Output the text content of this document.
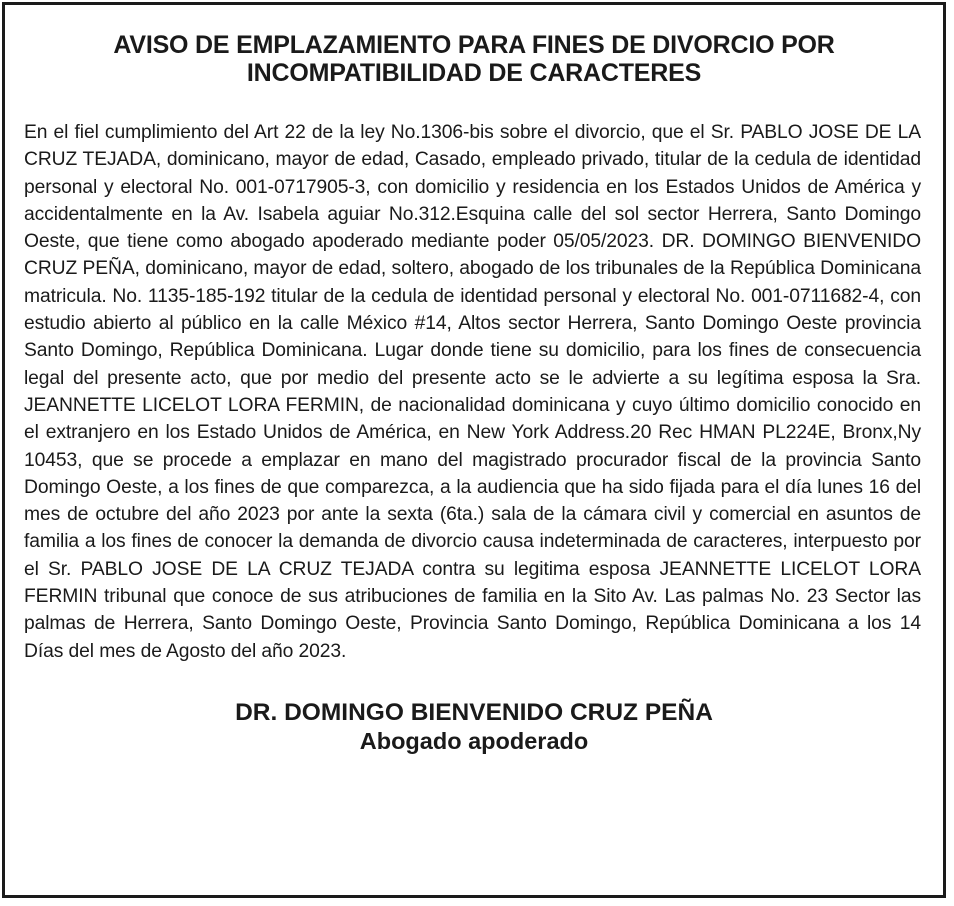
AVISO DE EMPLAZAMIENTO PARA FINES DE DIVORCIO POR
INCOMPATIBILIDAD DE CARACTERES
En el fiel cumplimiento del Art 22 de la ley No.1306-bis sobre el divorcio, que el Sr. PABLO JOSE DE LA CRUZ TEJADA, dominicano, mayor de edad, Casado, empleado privado, titular de la cedula de identidad personal y electoral No. 001-0717905-3, con domicilio y residencia en los Estados Unidos de América y accidentalmente en la Av. Isabela aguiar No.312.Esquina calle del sol sector Herrera, Santo Domingo Oeste, que tiene como abogado apoderado mediante poder 05/05/2023. DR. DOMINGO BIENVENIDO CRUZ PEÑA, dominicano, mayor de edad, soltero, abogado de los tribunales de la República Dominicana matricula. No. 1135-185-192 titular de la cedula de identidad personal y electoral No. 001-0711682-4, con estudio abierto al público en la calle México #14, Altos sector Herrera, Santo Domingo Oeste provincia Santo Domingo, República Dominicana. Lugar donde tiene su domicilio, para los fines de consecuencia legal del presente acto, que por medio del presente acto se le advierte a su legítima esposa la Sra. JEANNETTE LICELOT LORA FERMIN, de nacionalidad dominicana y cuyo último domicilio conocido en el extranjero en los Estado Unidos de América, en New York Address.20 Rec HMAN PL224E, Bronx,Ny 10453, que se procede a emplazar en mano del magistrado procurador fiscal de la provincia Santo Domingo Oeste, a los fines de que comparezca, a la audiencia que ha sido fijada para el día lunes 16 del mes de octubre del año 2023 por ante la sexta (6ta.) sala de la cámara civil y comercial en asuntos de familia a los fines de conocer la demanda de divorcio causa indeterminada de caracteres, interpuesto por el Sr. PABLO JOSE DE LA CRUZ TEJADA contra su legitima esposa JEANNETTE LICELOT LORA FERMIN tribunal que conoce de sus atribuciones de familia en la Sito Av. Las palmas No. 23 Sector las palmas de Herrera, Santo Domingo Oeste, Provincia Santo Domingo, República Dominicana a los 14 Días del mes de Agosto del año 2023.
DR. DOMINGO BIENVENIDO CRUZ PEÑA
Abogado apoderado
